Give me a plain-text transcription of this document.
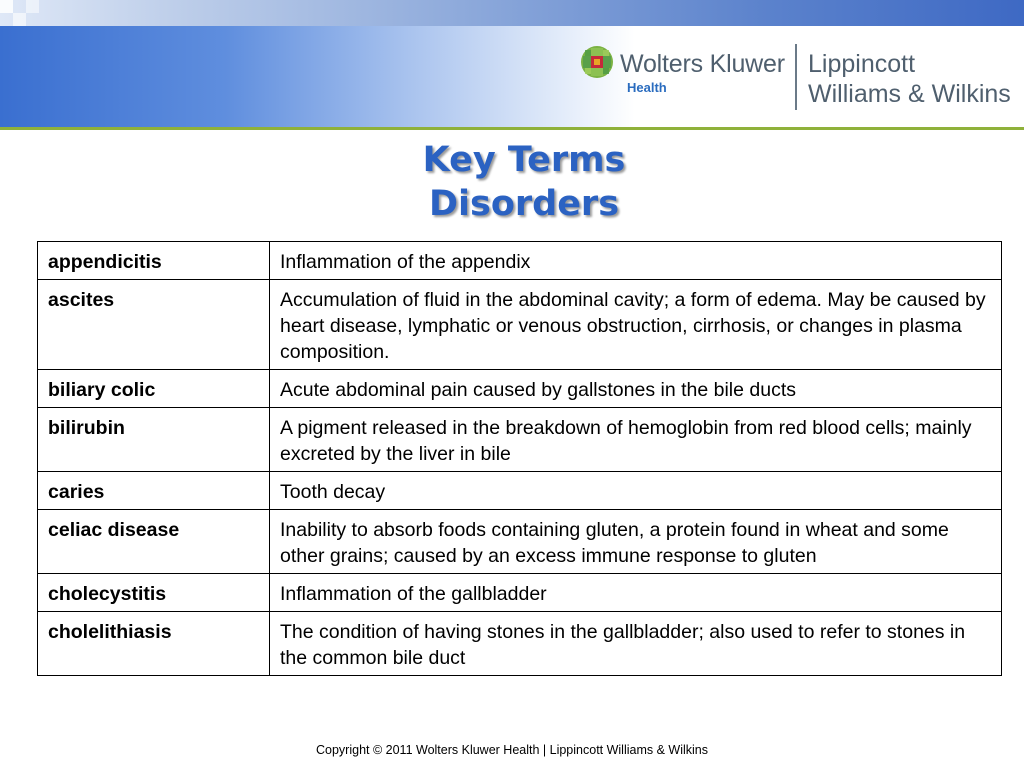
Wolters Kluwer
Health
Lippincott
Williams & Wilkins
Key Terms
Disorders
appendicitis	Inflammation of the appendix
ascites	Accumulation of fluid in the abdominal cavity; a form of edema. May be caused by heart disease, lymphatic or venous obstruction, cirrhosis, or changes in plasma composition.
biliary colic	Acute abdominal pain caused by gallstones in the bile ducts
bilirubin	A pigment released in the breakdown of hemoglobin from red blood cells; mainly excreted by the liver in bile
caries	Tooth decay
celiac disease	Inability to absorb foods containing gluten, a protein found in wheat and some other grains; caused by an excess immune response to gluten
cholecystitis	Inflammation of the gallbladder
cholelithiasis	The condition of having stones in the gallbladder; also used to refer to stones in the common bile duct
Copyright © 2011 Wolters Kluwer Health | Lippincott Williams & Wilkins
